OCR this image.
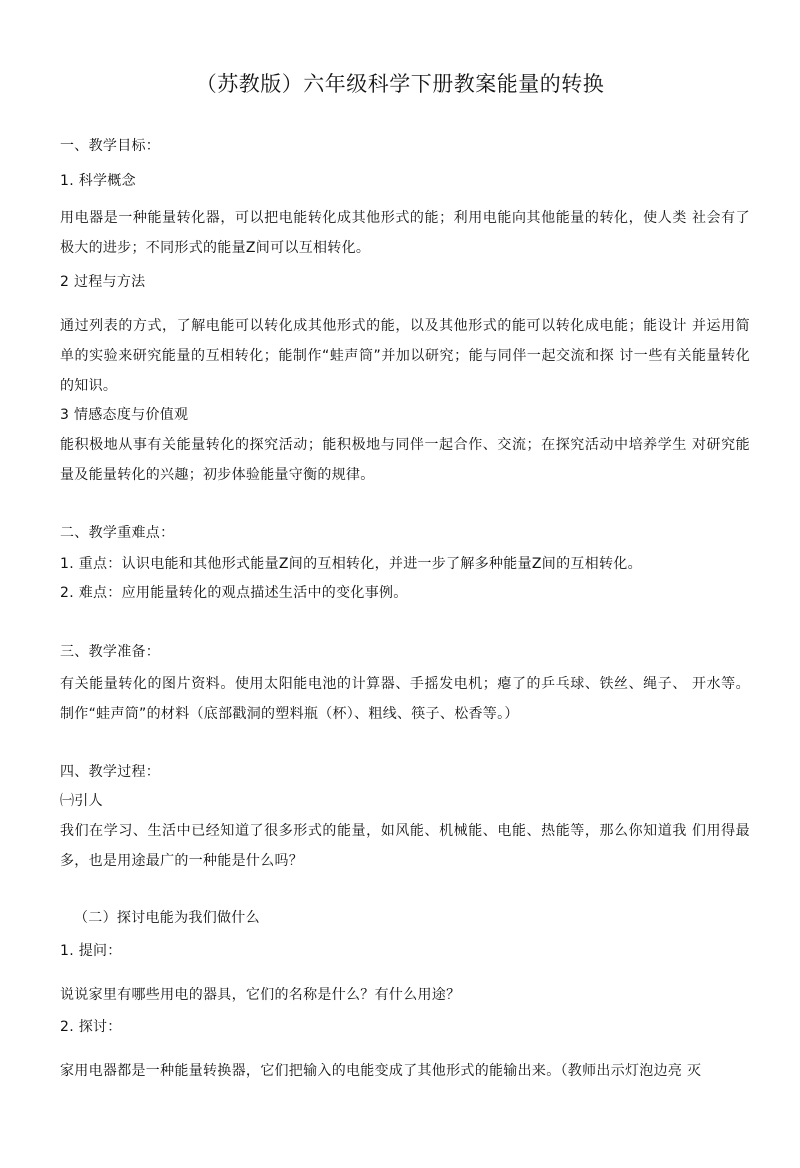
（苏教版）六年级科学下册教案能量的转换
一、教学目标：
1. 科学概念
用电器是一种能量转化器，可以把电能转化成其他形式的能；利用电能向其他能量的转化，使人类 社会有了极大的进步；不同形式的能量Z间可以互相转化。
2 过程与方法
通过列表的方式，了解电能可以转化成其他形式的能，以及其他形式的能可以转化成电能；能设计 并运用简单的实验来研究能量的互相转化；能制作“蛙声筒”并加以研究；能与同伴一起交流和探 讨一些有关能量转化的知识。
3 情感态度与价值观
能积极地从事有关能量转化的探究活动；能积极地与同伴一起合作、交流；在探究活动中培养学生 对研究能量及能量转化的兴趣；初步体验能量守衡的规律。
二、教学重难点：
1. 重点：认识电能和其他形式能量Z间的互相转化，并进一步了解多种能量Z间的互相转化。
2. 难点：应用能量转化的观点描述生活中的变化事例。
三、教学准备：
有关能量转化的图片资料。使用太阳能电池的计算器、手摇发电机；瘪了的乒乓球、铁丝、绳子、 开水等。制作“蛙声筒”的材料（底部戳洞的塑料瓶（杯）、粗线、筷子、松香等。）
四、教学过程：
㈠引人
我们在学习、生活中已经知道了很多形式的能量，如风能、机械能、电能、热能等，那么你知道我 们用得最多，也是用途最广的一种能是什么吗？
（二）探讨电能为我们做什么
1. 提问：
说说家里有哪些用电的器具，它们的名称是什么？有什么用途？
2. 探讨：
家用电器都是一种能量转换器，它们把输入的电能变成了其他形式的能输出来。（教师出示灯泡边亮 灭
